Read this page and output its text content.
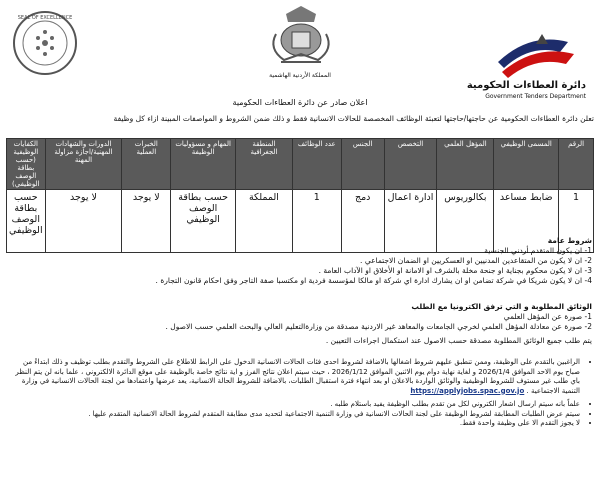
SEAL OF EXCELLENCE
المملكة الأردنية الهاشمية
دائرة العطاءات الحكومية
Government Tenders Department
اعلان صادر عن دائرة العطاءات الحكومية
تعلن دائرة العطاءات الحكومية عن حاجتها/حاجتها لتعبئة الوظائف المخصصة للحالات الانسانية فقط و ذلك ضمن الشروط و المواصفات المبينة ازاء كل وظيفة
الرقم	المسمى الوظيفي	المؤهل العلمي	التخصص	الجنس	عدد الوظائف	المنطقة الجغرافية	المهام و مسؤوليات الوظيفة	الخبرات العملية	الدورات والشهادات المهنية/اجازة مزاولة المهنة	الكفايات الوظيفية (حسب بطاقة الوصف الوظيفي)
1	ضابط مساعد	بكالوريوس	ادارة اعمال	دمج	1	المملكة	حسب بطاقة الوصف الوظيفي	لا يوجد	لا يوجد	حسب بطاقة الوصف الوظيفي
شروط عامة
1- ان يكون المتقدم أردني الجنسية
2- ان لا يكون من المتقاعدين المدنيين او العسكريين او الضمان الاجتماعي .
3- ان لا يكون محكوم بجناية او جنحة مخلة بالشرف او الامانة او الأخلاق او الآداب العامة .
4- ان لا يكون شريكا في شركة تضامن او ان يشارك ادارة اي شركة او مالكا لمؤسسة فردية او مكتسبا صفة التاجر وفق احكام قانون التجارة .
الوثائق المطلوبة و التي ترفق الكترونيا مع الطلب
1- صورة عن المؤهل العلمي
2- صورة عن معادلة المؤهل العلمي لخرجي الجامعات والمعاهد غير الاردنية مصدقة من وزارةالتعليم العالي والبحث العلمي حسب الاصول .
يتم طلب جميع الوثائق المطلوبة مصدقة حسب الاصول عند استكمال اجراءات التعيين .
• الراغبين بالتقدم على الوظيفة، وممن تنطبق عليهم شروط اشغالها بالاضافة لشروط احدى فئات الحالات الانسانية الدخول على الرابط للاطلاع على الشروط والتقدم بطلب توظيف و ذلك ابتداءً من صباح يوم الاحد الموافق 2026/1/4 و لغاية نهاية دوام يوم الاثنين الموافق 2026/1/12 ، حيث سيتم اعلان نتائج الفرز و اية نتائج خاصة بالوظيفة على موقع الدائرة الالكتروني ، علما بانه لن يتم النظر باي طلب غير مستوف للشروط الوظيفية والوثائق الواردة بالاعلان او بعد انتهاء فترة استقبال الطلبات، بالاضافة للشروط الحالة الانسانية، يعد عرضها واعتمادها من لجنة الحالات الانسانية في وزارة التنمية الاجتماعية . https://applyjobs.spac.gov.jo
• علماً بانه سيتم ارسال اشعار الكتروني لكل من تقدم بطلب الوظيفة يفيد باستلام طلبه .
• سيتم عرض الطلبات المطابقة لشروط الوظيفة على لجنة الحالات الانسانية في وزارة التنمية الاجتماعية لتحديد مدى مطابقة المتقدم لشروط الحالة الانسانية المتقدم عليها .
• لا يجوز التقدم الا على وظيفة واحدة فقط.
